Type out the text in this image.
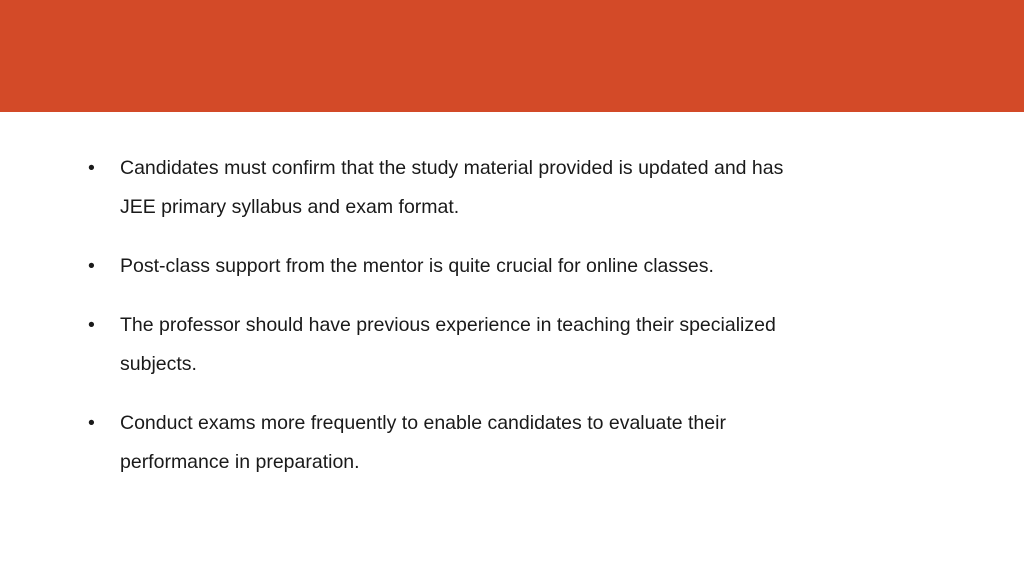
•	Candidates must confirm that the study material provided is updated and has JEE primary syllabus and exam format.
•	Post-class support from the mentor is quite crucial for online classes.
•	The professor should have previous experience in teaching their specialized subjects.
•	Conduct exams more frequently to enable candidates to evaluate their performance in preparation.
